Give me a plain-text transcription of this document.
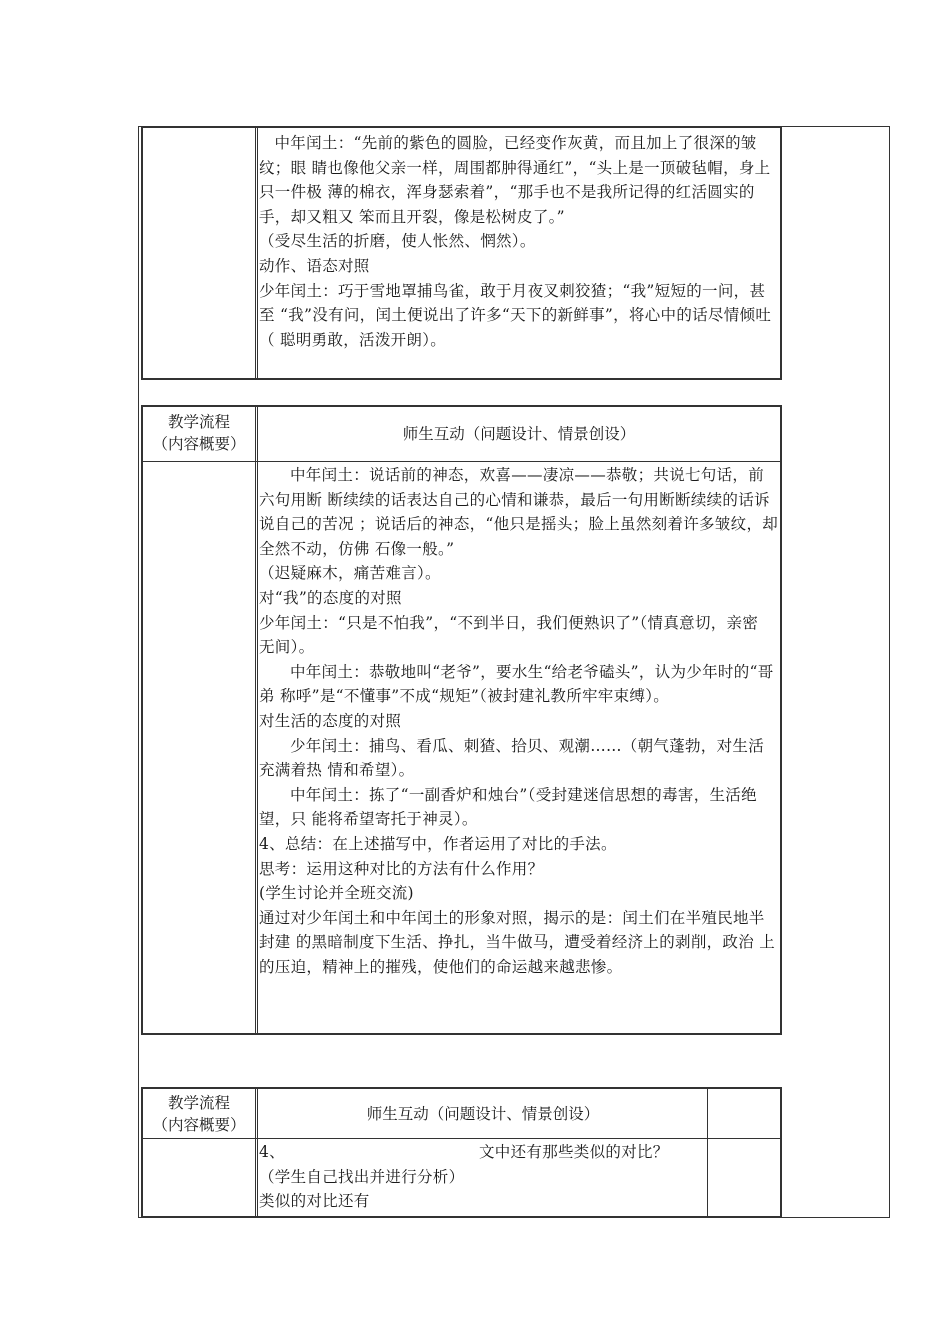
中年闰土：“先前的紫色的圆脸，已经变作灰黄，而且加上了很深的皱纹；眼 睛也像他父亲一样，周围都肿得通红”，“头上是一顶破毡帽，身上只一件极 薄的棉衣，浑身瑟索着”，“那手也不是我所记得的红活圆实的手，却又粗又 笨而且开裂，像是松树皮了。”

（受尽生活的折磨，使人怅然、惘然）。

动作、语态对照

少年闰土：巧于雪地罩捕鸟雀，敢于月夜叉刺狡猹；“我”短短的一问，甚至 “我”没有问，闰土便说出了许多“天下的新鲜事”，将心中的话尽情倾吐

（ 聪明勇敢，活泼开朗）。

教学流程
（内容概要）
师生互动（问题设计、情景创设）

中年闰土：说话前的神态，欢喜——凄凉——恭敬；共说七句话，前六句用断 断续续的话表达自己的心情和谦恭，最后一句用断断续续的话诉说自己的苦况 ；说话后的神态，“他只是摇头；脸上虽然刻着许多皱纹，却全然不动，仿佛 石像一般。”

（迟疑麻木，痛苦难言）。

对“我”的态度的对照

少年闰土：“只是不怕我”，“不到半日，我们便熟识了”（情真意切，亲密 无间）。

中年闰土：恭敬地叫“老爷”，要水生“给老爷磕头”，认为少年时的“哥弟 称呼”是“不懂事”不成“规矩”（被封建礼教所牢牢束缚）。

对生活的态度的对照

少年闰土：捕鸟、看瓜、刺猹、拾贝、观潮……（朝气蓬勃，对生活充满着热 情和希望）。

中年闰土：拣了“一副香炉和烛台”（受封建迷信思想的毒害，生活绝望，只 能将希望寄托于神灵）。

4、总结：在上述描写中，作者运用了对比的手法。

思考：运用这种对比的方法有什么作用？

(学生讨论并全班交流)

通过对少年闰土和中年闰土的形象对照，揭示的是：闰土们在半殖民地半封建 的黑暗制度下生活、挣扎，当牛做马，遭受着经济上的剥削，政治 上的压迫，精神上的摧残，使他们的命运越来越悲惨。

教学流程
（内容概要）
师生互动（问题设计、情景创设）

4、	文中还有那些类似的对比？

（学生自己找出并进行分析）

类似的对比还有
